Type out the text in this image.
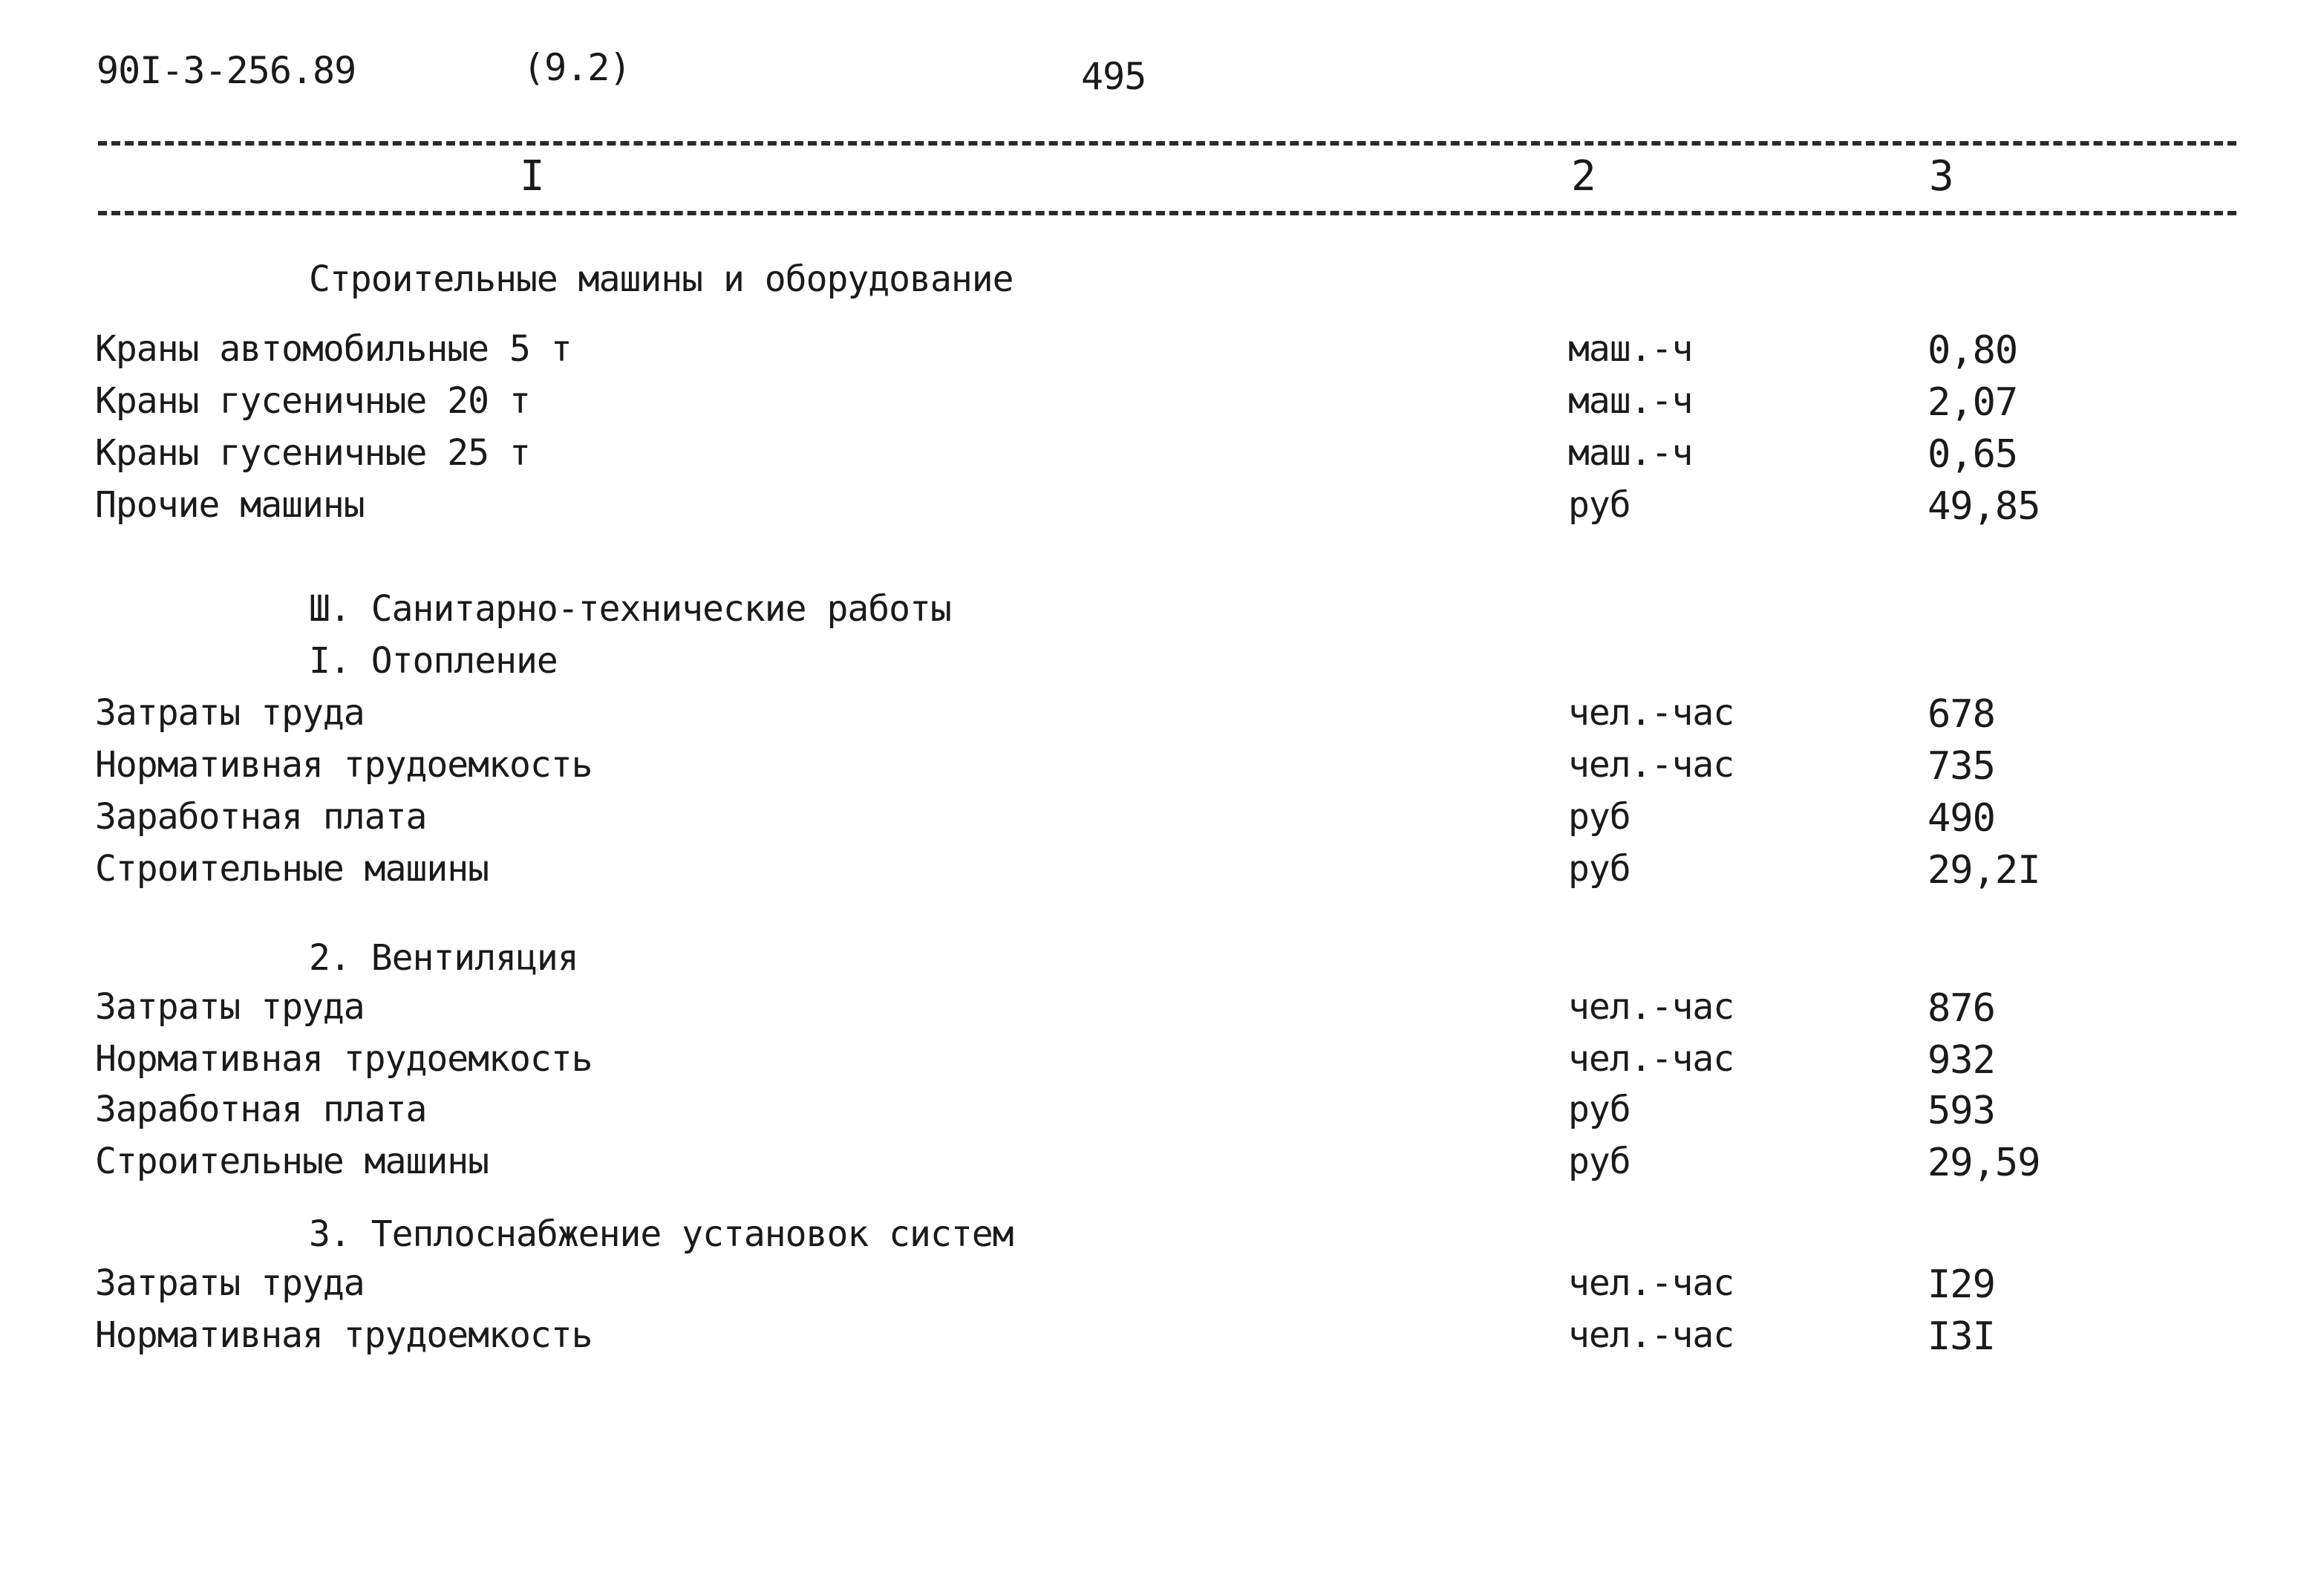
90I-3-256.89	(9.2)	495
I	2	3
Строительные машины и оборудование
Краны автомобильные 5 т	маш.-ч	0,80
Краны гусеничные 20 т	маш.-ч	2,07
Краны гусеничные 25 т	маш.-ч	0,65
Прочие машины	руб	49,85
Ш. Санитарно-технические работы
I. Отопление
Затраты труда	чел.-час	678
Нормативная трудоемкость	чел.-час	735
Заработная плата	руб	490
Строительные машины	руб	29,2I
2. Вентиляция
Затраты труда	чел.-час	876
Нормативная трудоемкость	чел.-час	932
Заработная плата	руб	593
Строительные машины	руб	29,59
3. Теплоснабжение установок систем
Затраты труда	чел.-час	I29
Нормативная трудоемкость	чел.-час	I3I
